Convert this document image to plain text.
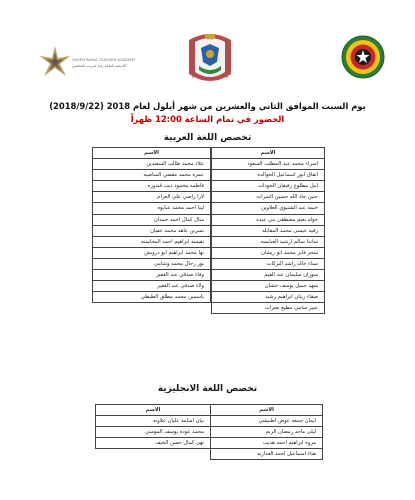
QUEEN RANIA TEACHER ACADEMY
أكاديمية الملكة رانيا لتدريب المعلمين
يوم السبت الموافق الثاني والعشرين من شهر أيلول لعام 2018 (2018/9/22)
الحضور في تمام الساعة 12:00 ظهراً
تخصص اللغة العربية
الاسم
اسراء محمد عبد المطلب السعود
اتفاق انور اسماعيل الخوالده
امل مطلوع رفيفان الجودات
حنين جاد الله حسين النمرات
ختمه عبد الشتيوي العلاوين
خوله نعيم مصطفى بني عيده
رقيه عيسى محمد المقابله
ساندا سالم ارشيد العبابسه
سحر فايز محمد ابو ريشان
سناء خالد راشد البركات
سوزان سليمان عبد القيم
شهد جميل يوسف خشان
صفاء ريتان ابراهيم رشيد
عبير سامي مطيع بعيرات
الاسم
علاء محمد طالب السعيدين
عمره محمد مفضي المناصيه
فاطمه محمود ذيب قندوره
لارا راضي علي العزام
لينا احمد محمد عبابوه
منال كمال احمد حمدان
نسرين عاهد محمد عفيان
نفيسه ابراهيم احمد المحاسنه
نها محمد ابراهيم ابو درويش
نور رحال محمد وشامي
وفاء صدقي عبد الغفير
ولاء صدقي عبد الغفير
ياسمين محمد مطلق الطيطي
تخصص اللغة الانجليزية
الاسم
ايمان جمعه عوض اطبيشي
ليلى ماجد رمضان الزيم
مروه ابراهيم احمد هديب
هناء اسماعيل احمد العداربه
الاسم
بيان اسامه عليان علاونه
محمد عوده يوسف المومني
نهى كمال حسن الخيف
